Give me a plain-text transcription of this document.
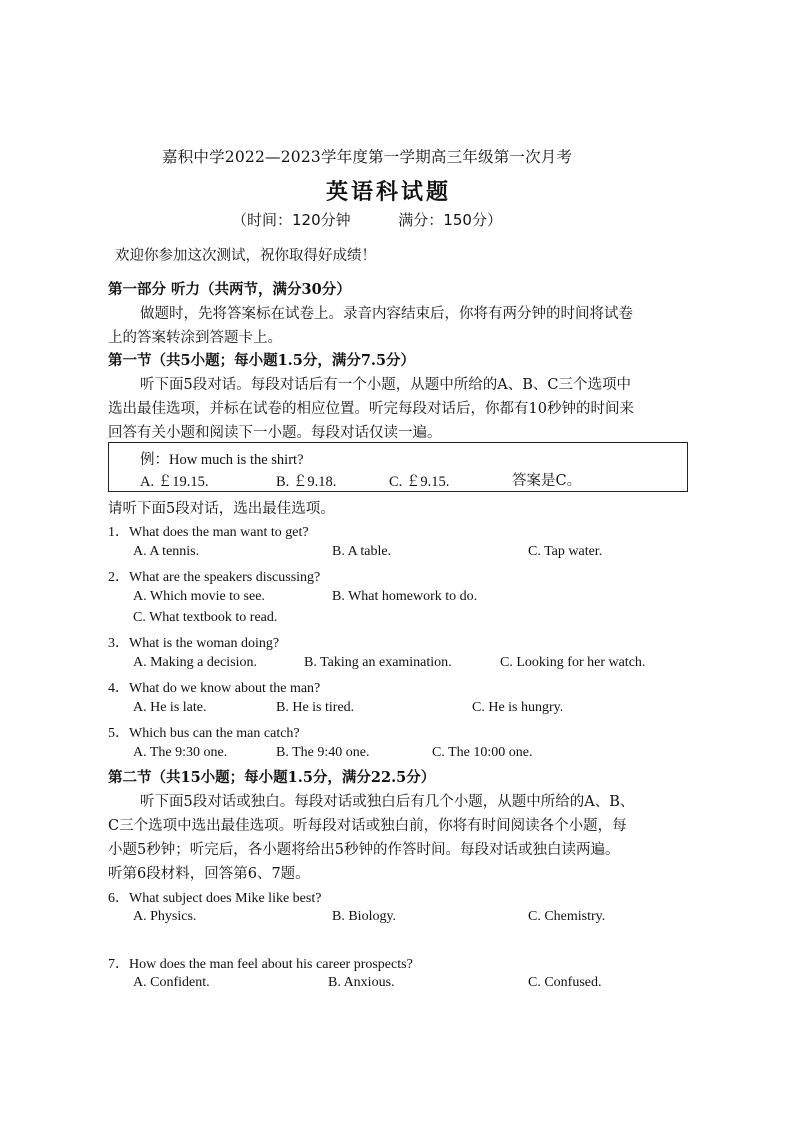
嘉积中学2022—2023学年度第一学期高三年级第一次月考
英语科试题
（时间：120分钟          满分：150分）
欢迎你参加这次测试，祝你取得好成绩！
第一部分 听力（共两节，满分30分）
做题时，先将答案标在试卷上。录音内容结束后，你将有两分钟的时间将试卷
上的答案转涂到答题卡上。
第一节（共5小题；每小题1.5分，满分7.5分）
听下面5段对话。每段对话后有一个小题，从题中所给的A、B、C三个选项中
选出最佳选项，并标在试卷的相应位置。听完每段对话后，你都有10秒钟的时间来
回答有关小题和阅读下一小题。每段对话仅读一遍。
例：How much is the shirt?
A. ￡19.15.	B. ￡9.18.	C. ￡9.15.	答案是C。
请听下面5段对话，选出最佳选项。
1．What does the man want to get?
A. A tennis.	B. A table.	C. Tap water.
2．What are the speakers discussing?
A. Which movie to see.	B. What homework to do.
C. What textbook to read.
3．What is the woman doing?
A. Making a decision.	B. Taking an examination.	C. Looking for her watch.
4．What do we know about the man?
A. He is late.	B. He is tired.	C. He is hungry.
5．Which bus can the man catch?
A. The 9:30 one.	B. The 9:40 one.	C. The 10:00 one.
第二节（共15小题；每小题1.5分，满分22.5分）
听下面5段对话或独白。每段对话或独白后有几个小题，从题中所给的A、B、
C三个选项中选出最佳选项。听每段对话或独白前，你将有时间阅读各个小题，每
小题5秒钟；听完后，各小题将给出5秒钟的作答时间。每段对话或独白读两遍。
听第6段材料，回答第6、7题。
6．What subject does Mike like best?
A. Physics.	B. Biology.	C. Chemistry.
7．How does the man feel about his career prospects?
A. Confident.	B. Anxious.	C. Confused.
